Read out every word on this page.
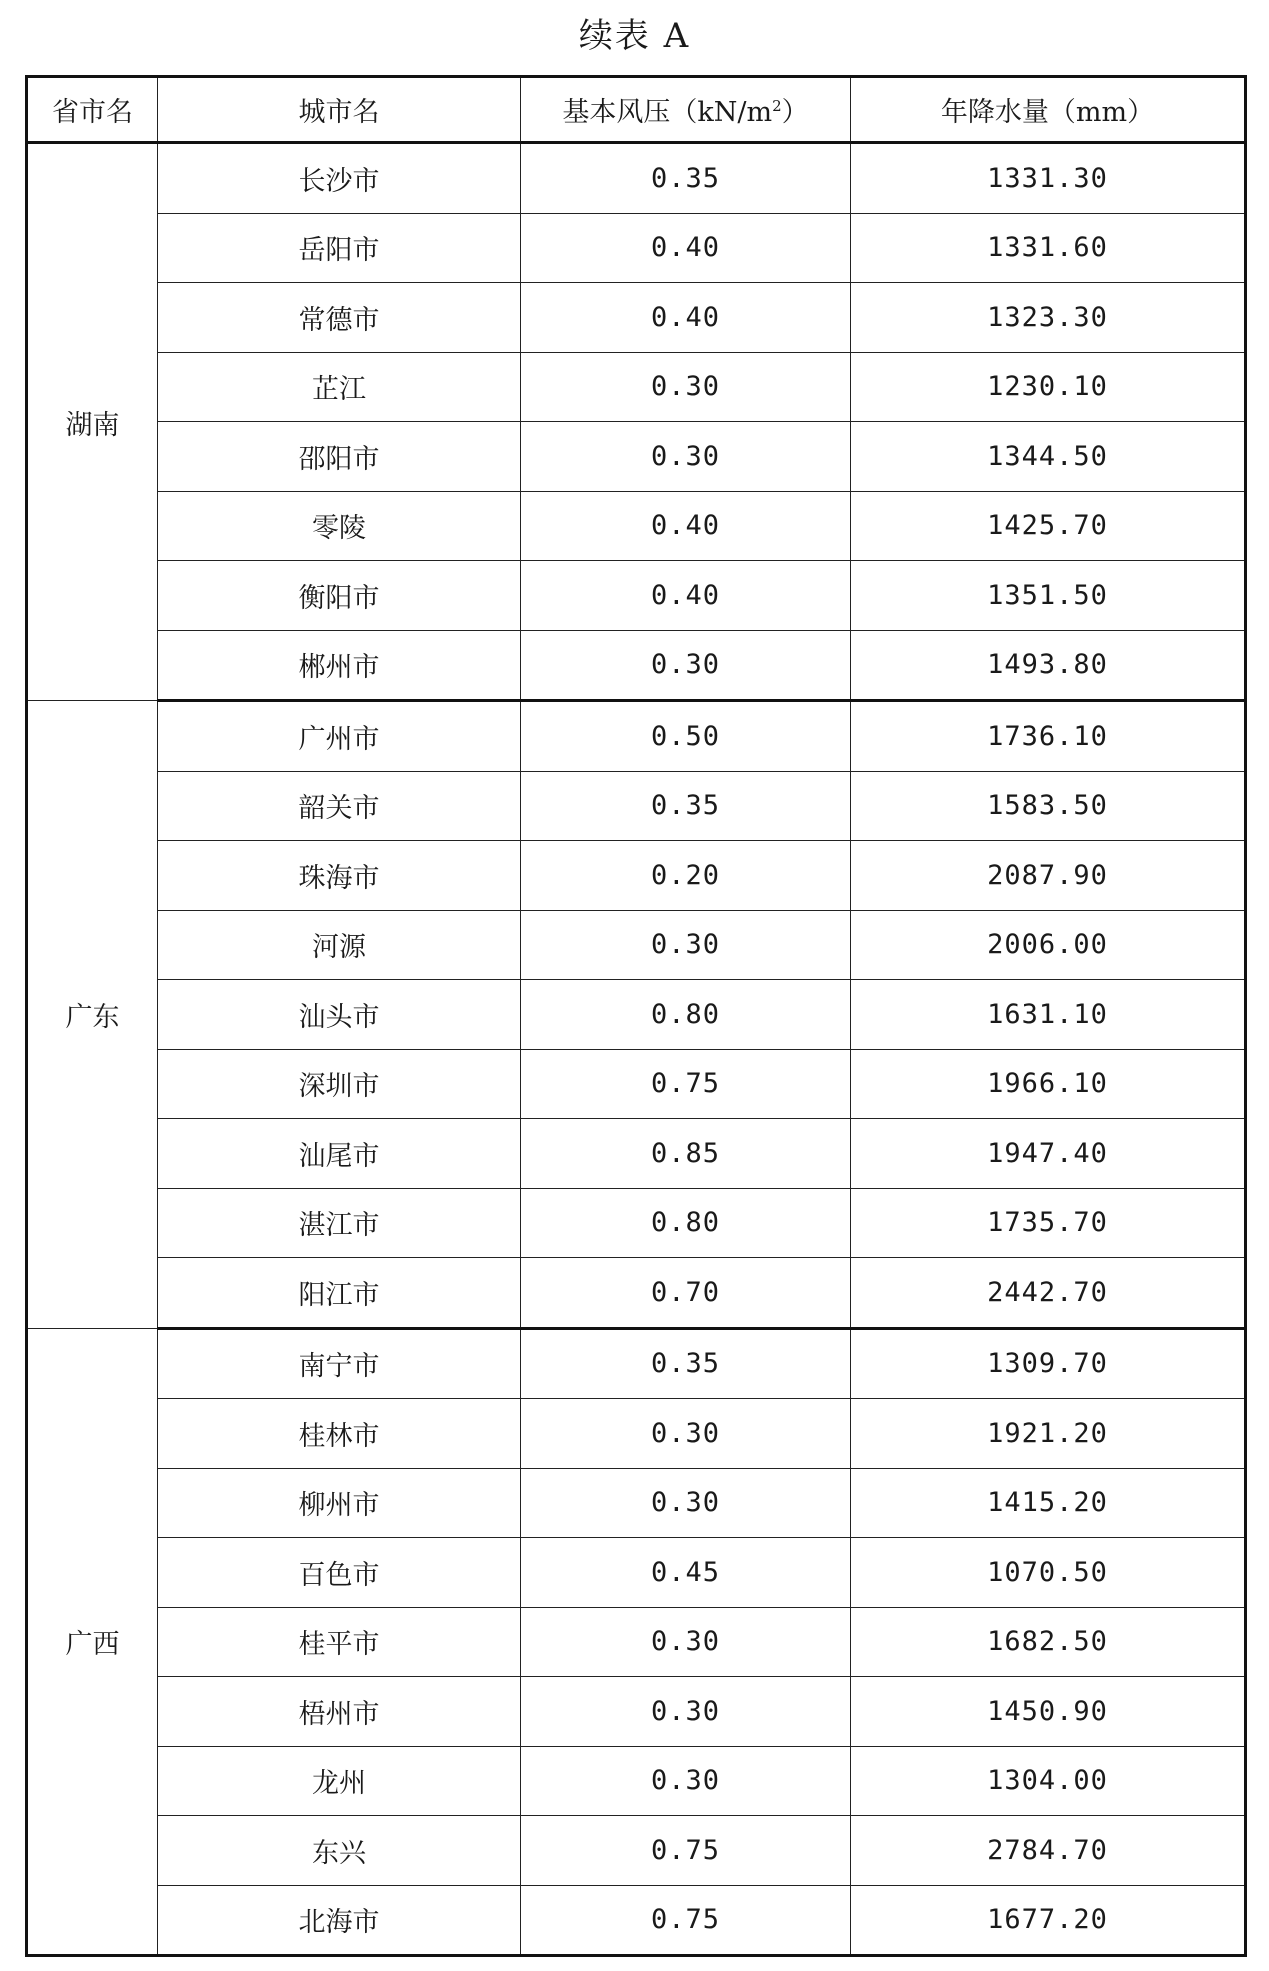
续表 A
省市名	城市名	基本风压$(kN/m^2)$	年降水量（mm）
湖南	长沙市	0.35	1331.30
	岳阳市	0.40	1331.60
	常德市	0.40	1323.30
	芷江	0.30	1230.10
	邵阳市	0.30	1344.50
	零陵	0.40	1425.70
	衡阳市	0.40	1351.50
	郴州市	0.30	1493.80
广东	广州市	0.50	1736.10
	韶关市	0.35	1583.50
	珠海市	0.20	2087.90
	河源	0.30	2006.00
	汕头市	0.80	1631.10
	深圳市	0.75	1966.10
	汕尾市	0.85	1947.40
	湛江市	0.80	1735.70
	阳江市	0.70	2442.70
广西	南宁市	0.35	1309.70
	桂林市	0.30	1921.20
	柳州市	0.30	1415.20
	百色市	0.45	1070.50
	桂平市	0.30	1682.50
	梧州市	0.30	1450.90
	龙州	0.30	1304.00
	东兴	0.75	2784.70
	北海市	0.75	1677.20
